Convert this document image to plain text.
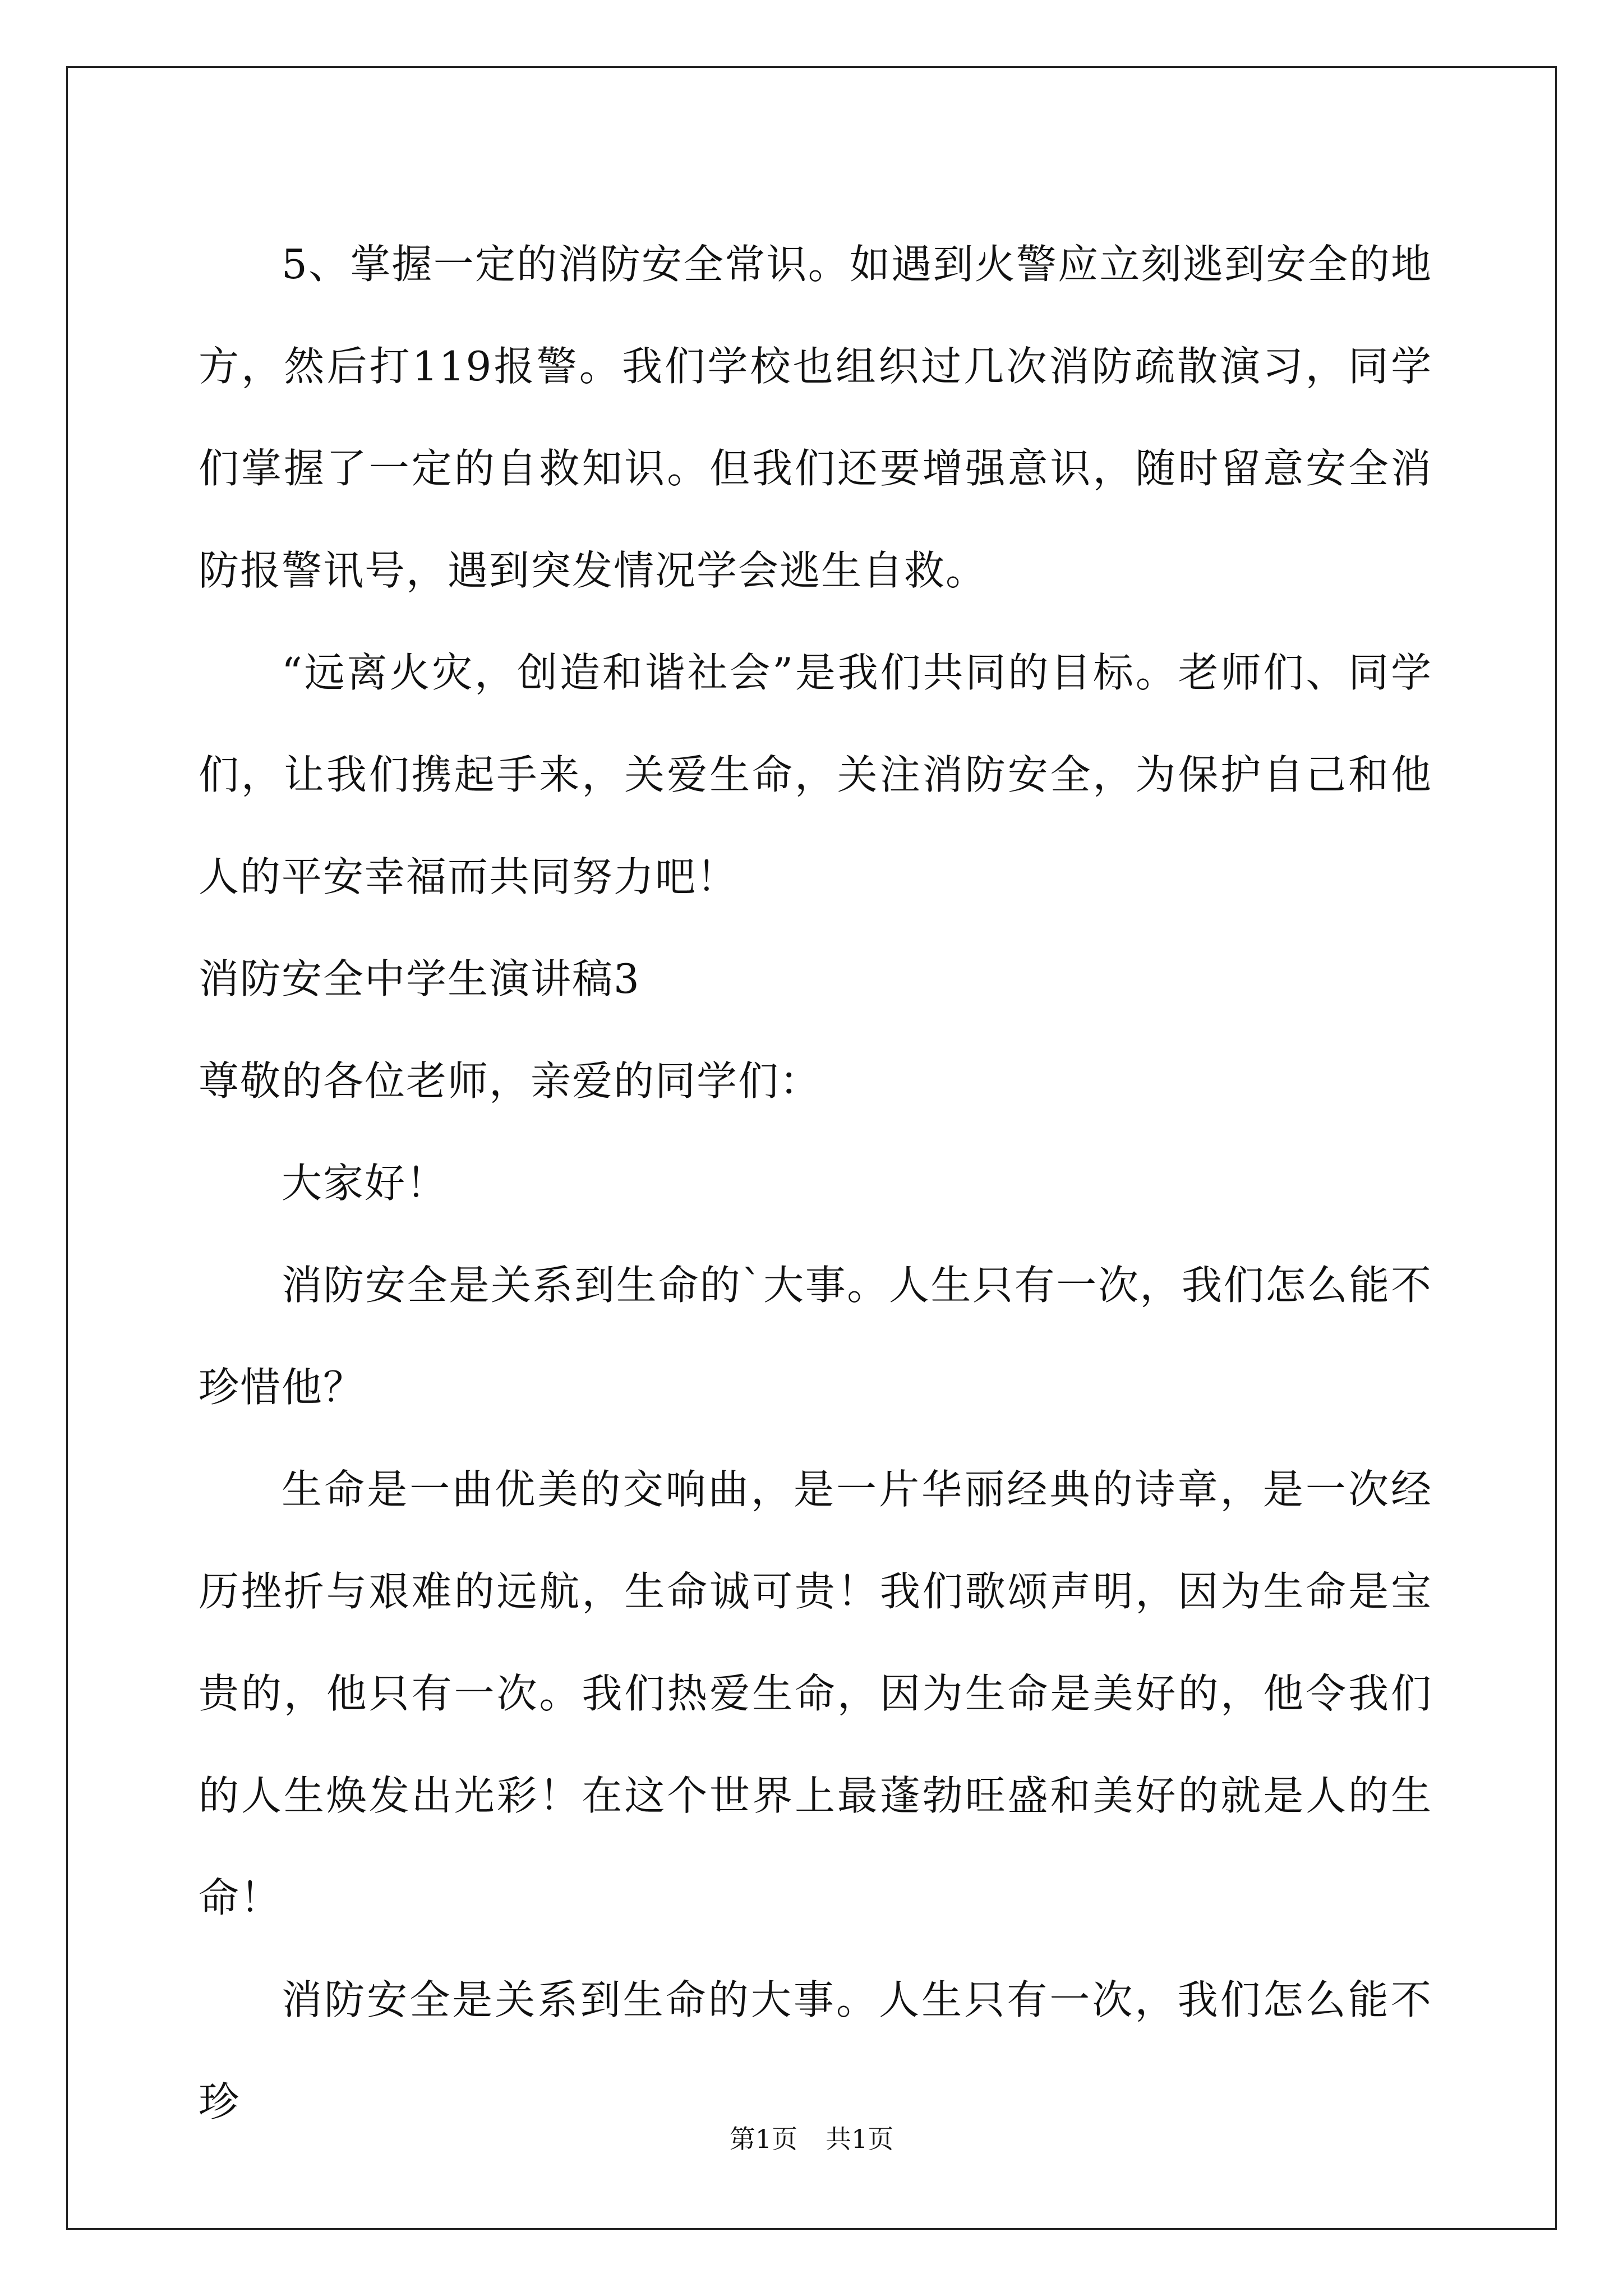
5、掌握一定的消防安全常识。如遇到火警应立刻逃到安全的地方，然后打119报警。我们学校也组织过几次消防疏散演习，同学们掌握了一定的自救知识。但我们还要增强意识，随时留意安全消防报警讯号，遇到突发情况学会逃生自救。

“远离火灾，创造和谐社会”是我们共同的目标。老师们、同学们，让我们携起手来，关爱生命，关注消防安全，为保护自己和他人的平安幸福而共同努力吧！

消防安全中学生演讲稿3

尊敬的各位老师，亲爱的同学们：

大家好！

消防安全是关系到生命的`大事。人生只有一次，我们怎么能不珍惜他？

生命是一曲优美的交响曲，是一片华丽经典的诗章，是一次经历挫折与艰难的远航，生命诚可贵！我们歌颂声明，因为生命是宝贵的，他只有一次。我们热爱生命，因为生命是美好的，他令我们的人生焕发出光彩！在这个世界上最蓬勃旺盛和美好的就是人的生命！

消防安全是关系到生命的大事。人生只有一次，我们怎么能不珍

第1页 共1页
